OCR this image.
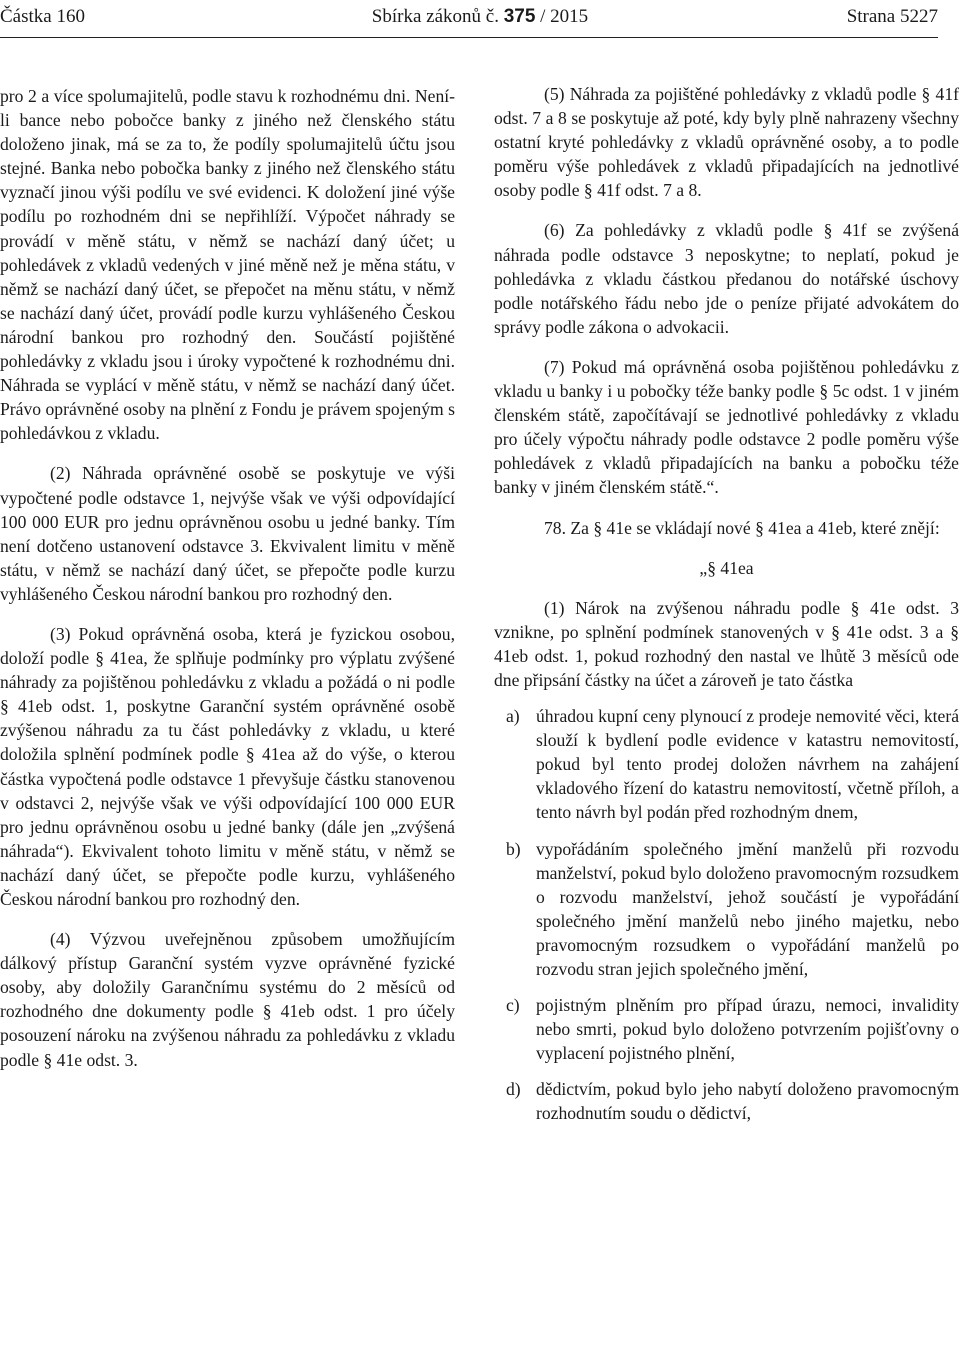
Částka 160	Sbírka zákonů č. 375 / 2015	Strana 5227

pro 2 a více spolumajitelů, podle stavu k rozhodnému dni. Není-li bance nebo pobočce banky z jiného než členského státu doloženo jinak, má se za to, že podíly spolumajitelů účtu jsou stejné. Banka nebo pobočka banky z jiného než členského státu vyznačí jinou výši podílu ve své evidenci. K doložení jiné výše podílu po rozhodném dni se nepřihlíží. Výpočet náhrady se provádí v měně státu, v němž se nachází daný účet; u pohledávek z vkladů vedených v jiné měně než je měna státu, v němž se nachází daný účet, se přepočet na měnu státu, v němž se nachází daný účet, provádí podle kurzu vyhlášeného Českou národní bankou pro rozhodný den. Součástí pojištěné pohledávky z vkladu jsou i úroky vypočtené k rozhodnému dni. Náhrada se vyplácí v měně státu, v němž se nachází daný účet. Právo oprávněné osoby na plnění z Fondu je právem spojeným s pohledávkou z vkladu.

(2) Náhrada oprávněné osobě se poskytuje ve výši vypočtené podle odstavce 1, nejvýše však ve výši odpovídající 100 000 EUR pro jednu oprávněnou osobu u jedné banky. Tím není dotčeno ustanovení odstavce 3. Ekvivalent limitu v měně státu, v němž se nachází daný účet, se přepočte podle kurzu vyhlášeného Českou národní bankou pro rozhodný den.

(3) Pokud oprávněná osoba, která je fyzickou osobou, doloží podle § 41ea, že splňuje podmínky pro výplatu zvýšené náhrady za pojištěnou pohledávku z vkladu a požádá o ni podle § 41eb odst. 1, poskytne Garanční systém oprávněné osobě zvýšenou náhradu za tu část pohledávky z vkladu, u které doložila splnění podmínek podle § 41ea až do výše, o kterou částka vypočtená podle odstavce 1 převyšuje částku stanovenou v odstavci 2, nejvýše však ve výši odpovídající 100 000 EUR pro jednu oprávněnou osobu u jedné banky (dále jen „zvýšená náhrada“). Ekvivalent tohoto limitu v měně státu, v němž se nachází daný účet, se přepočte podle kurzu, vyhlášeného Českou národní bankou pro rozhodný den.

(4) Výzvou uveřejněnou způsobem umožňujícím dálkový přístup Garanční systém vyzve oprávněné fyzické osoby, aby doložily Garančnímu systému do 2 měsíců od rozhodného dne dokumenty podle § 41eb odst. 1 pro účely posouzení nároku na zvýšenou náhradu za pohledávku z vkladu podle § 41e odst. 3.

(5) Náhrada za pojištěné pohledávky z vkladů podle § 41f odst. 7 a 8 se poskytuje až poté, kdy byly plně nahrazeny všechny ostatní kryté pohledávky z vkladů oprávněné osoby, a to podle poměru výše pohledávek z vkladů připadajících na jednotlivé osoby podle § 41f odst. 7 a 8.

(6) Za pohledávky z vkladů podle § 41f se zvýšená náhrada podle odstavce 3 neposkytne; to neplatí, pokud je pohledávka z vkladu částkou předanou do notářské úschovy podle notářského řádu nebo jde o peníze přijaté advokátem do správy podle zákona o advokacii.

(7) Pokud má oprávněná osoba pojištěnou pohledávku z vkladu u banky i u pobočky téže banky podle § 5c odst. 1 v jiném členském státě, započítávají se jednotlivé pohledávky z vkladu pro účely výpočtu náhrady podle odstavce 2 podle poměru výše pohledávek z vkladů připadajících na banku a pobočku téže banky v jiném členském státě.“.

78. Za § 41e se vkládají nové § 41ea a 41eb, které znějí:

„§ 41ea

(1) Nárok na zvýšenou náhradu podle § 41e odst. 3 vznikne, po splnění podmínek stanovených v § 41e odst. 3 a § 41eb odst. 1, pokud rozhodný den nastal ve lhůtě 3 měsíců ode dne připsání částky na účet a zároveň je tato částka

a) úhradou kupní ceny plynoucí z prodeje nemovité věci, která slouží k bydlení podle evidence v katastru nemovitostí, pokud byl tento prodej doložen návrhem na zahájení vkladového řízení do katastru nemovitostí, včetně příloh, a tento návrh byl podán před rozhodným dnem,
b) vypořádáním společného jmění manželů při rozvodu manželství, pokud bylo doloženo pravomocným rozsudkem o rozvodu manželství, jehož součástí je vypořádání společného jmění manželů nebo jiného majetku, nebo pravomocným rozsudkem o vypořádání manželů po rozvodu stran jejich společného jmění,
c) pojistným plněním pro případ úrazu, nemoci, invalidity nebo smrti, pokud bylo doloženo potvrzením pojišťovny o vyplacení pojistného plnění,
d) dědictvím, pokud bylo jeho nabytí doloženo pravomocným rozhodnutím soudu o dědictví,
